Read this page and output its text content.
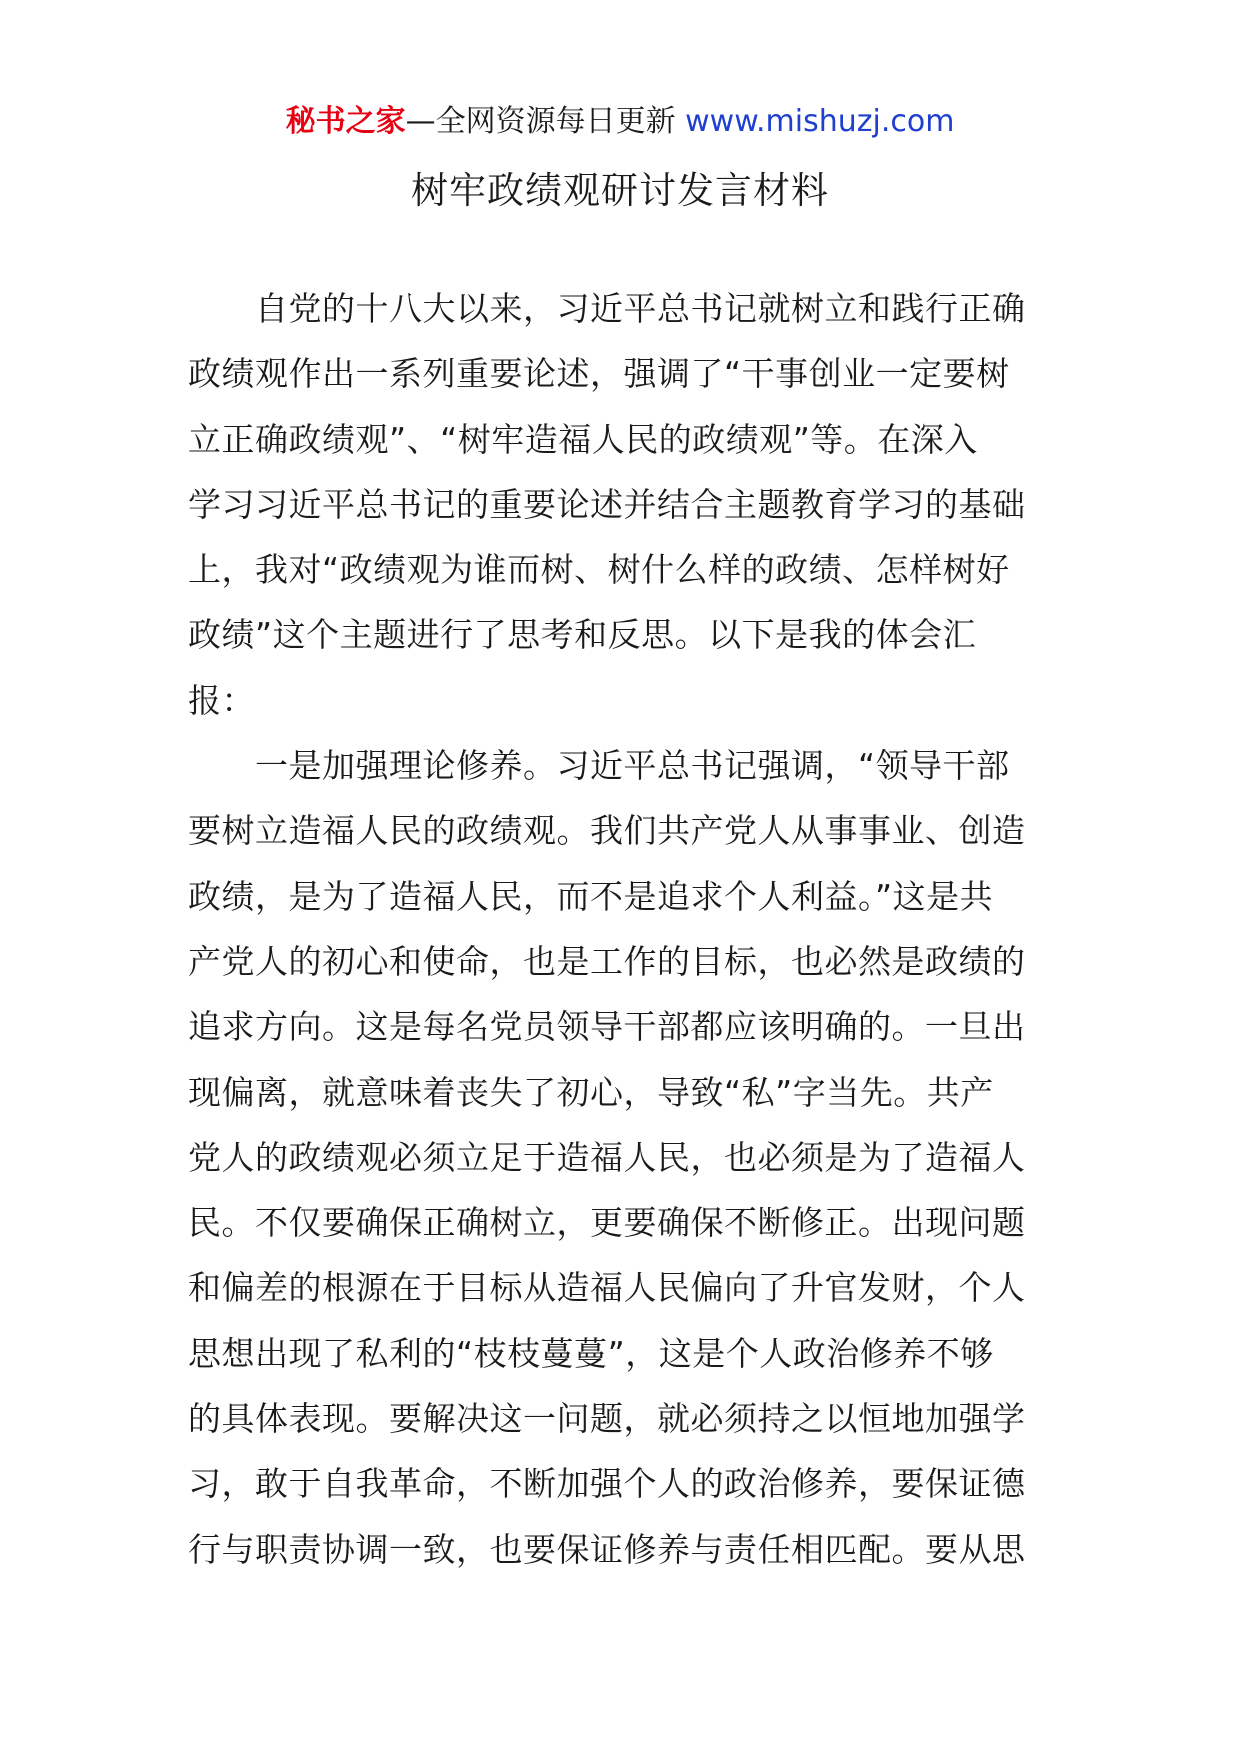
秘书之家—全网资源每日更新 www.mishuzj.com
树牢政绩观研讨发言材料
自党的十八大以来，习近平总书记就树立和践行正确
政绩观作出一系列重要论述，强调了“干事创业一定要树
立正确政绩观”、“树牢造福人民的政绩观”等。在深入
学习习近平总书记的重要论述并结合主题教育学习的基础
上，我对“政绩观为谁而树、树什么样的政绩、怎样树好
政绩”这个主题进行了思考和反思。以下是我的体会汇
报：
一是加强理论修养。习近平总书记强调，“领导干部
要树立造福人民的政绩观。我们共产党人从事事业、创造
政绩，是为了造福人民，而不是追求个人利益。”这是共
产党人的初心和使命，也是工作的目标，也必然是政绩的
追求方向。这是每名党员领导干部都应该明确的。一旦出
现偏离，就意味着丧失了初心，导致“私”字当先。共产
党人的政绩观必须立足于造福人民，也必须是为了造福人
民。不仅要确保正确树立，更要确保不断修正。出现问题
和偏差的根源在于目标从造福人民偏向了升官发财，个人
思想出现了私利的“枝枝蔓蔓”，这是个人政治修养不够
的具体表现。要解决这一问题，就必须持之以恒地加强学
习，敢于自我革命，不断加强个人的政治修养，要保证德
行与职责协调一致，也要保证修养与责任相匹配。要从思
